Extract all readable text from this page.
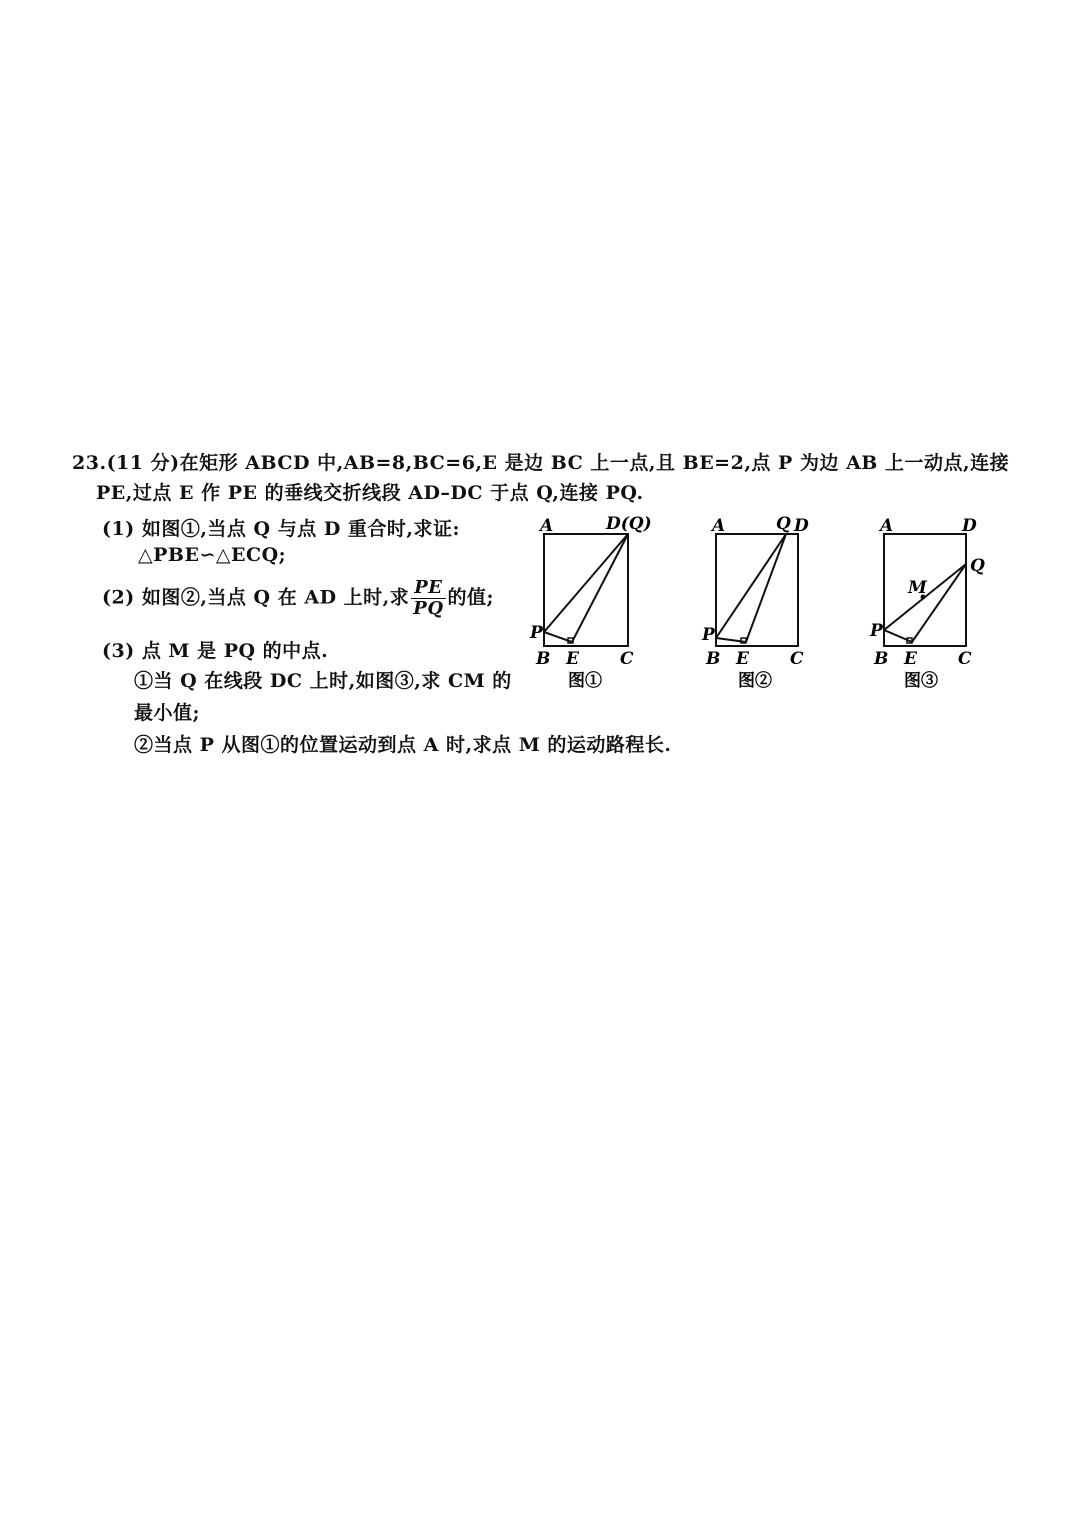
23.(11 分)在矩形 ABCD 中,AB=8,BC=6,E 是边 BC 上一点,且 BE=2,点 P 为边 AB 上一动点,连接
PE,过点 E 作 PE 的垂线交折线段 AD–DC 于点 Q,连接 PQ.
(1) 如图①,当点 Q 与点 D 重合时,求证:
△PBE∽△ECQ;
(2) 如图②,当点 Q 在 AD 上时,求 $\frac{PE}{PQ}$ 的值;
(3) 点 M 是 PQ 的中点.
①当 Q 在线段 DC 上时,如图③,求 CM 的
最小值;
②当点 P 从图①的位置运动到点 A 时,求点 M 的运动路程长.
A	D(Q)
P
B E C
图①
A	Q D
P
B E C
图②
A	D
Q
M
P
B E C
图③
